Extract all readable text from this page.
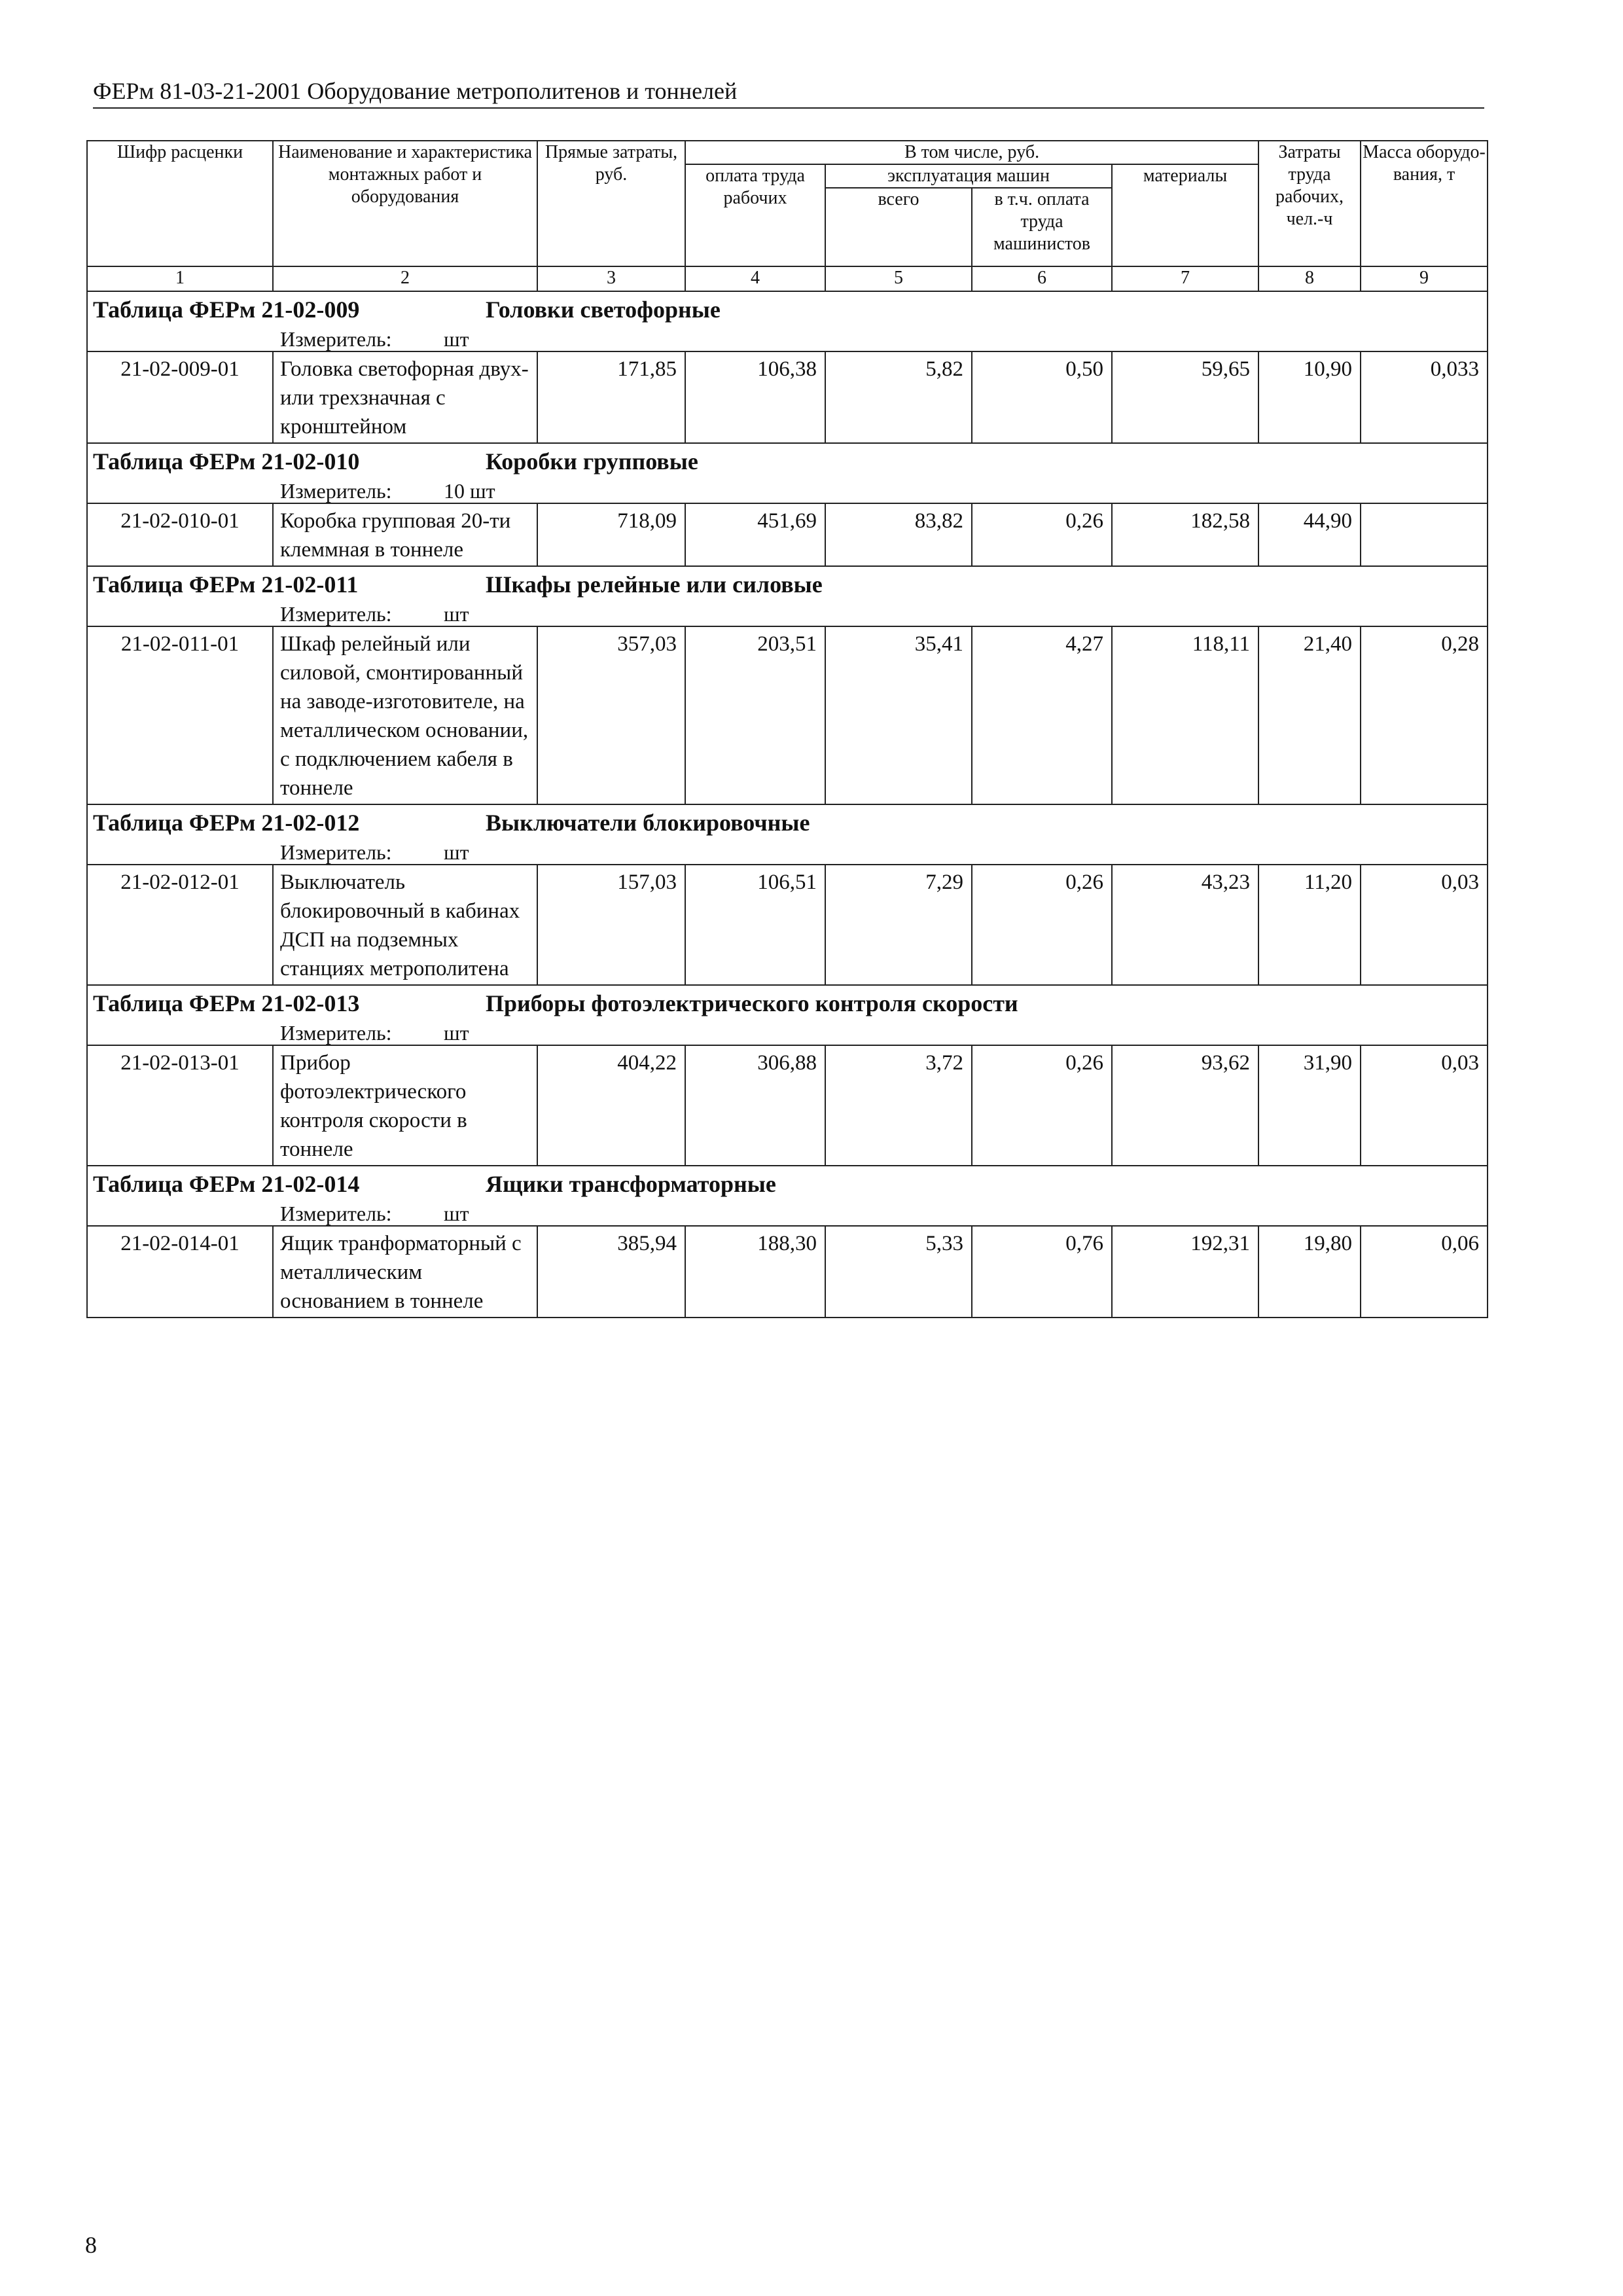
ФЕРм 81-03-21-2001 Оборудование метрополитенов и тоннелей
Шифр расценки	Наименование и характеристика монтажных работ и оборудования	Прямые затраты, руб.	В том числе, руб.				Затраты труда рабочих, чел.-ч	Масса оборудо-вания, т
			оплата труда рабочих	эксплуатация машин		материалы		
				всего	в т.ч. оплата труда машинистов			
1	2	3	4	5	6	7	8	9
Таблица ФЕРм 21-02-009 Головки светофорные								
Измеритель: шт								
21-02-009-01	Головка светофорная двух- или трехзначная с кронштейном	171,85	106,38	5,82	0,50	59,65	10,90	0,033
Таблица ФЕРм 21-02-010 Коробки групповые								
Измеритель: 10 шт								
21-02-010-01	Коробка групповая 20-ти клеммная в тоннеле	718,09	451,69	83,82	0,26	182,58	44,90	
Таблица ФЕРм 21-02-011 Шкафы релейные или силовые								
Измеритель: шт								
21-02-011-01	Шкаф релейный или силовой, смонтированный на заводе-изготовителе, на металлическом основании, с подключением кабеля в тоннеле	357,03	203,51	35,41	4,27	118,11	21,40	0,28
Таблица ФЕРм 21-02-012 Выключатели блокировочные								
Измеритель: шт								
21-02-012-01	Выключатель блокировочный в кабинах ДСП на подземных станциях метрополитена	157,03	106,51	7,29	0,26	43,23	11,20	0,03
Таблица ФЕРм 21-02-013 Приборы фотоэлектрического контроля скорости								
Измеритель: шт								
21-02-013-01	Прибор фотоэлектрического контроля скорости в тоннеле	404,22	306,88	3,72	0,26	93,62	31,90	0,03
Таблица ФЕРм 21-02-014 Ящики трансформаторные								
Измеритель: шт								
21-02-014-01	Ящик транформаторный с металлическим основанием в тоннеле	385,94	188,30	5,33	0,76	192,31	19,80	0,06
8
